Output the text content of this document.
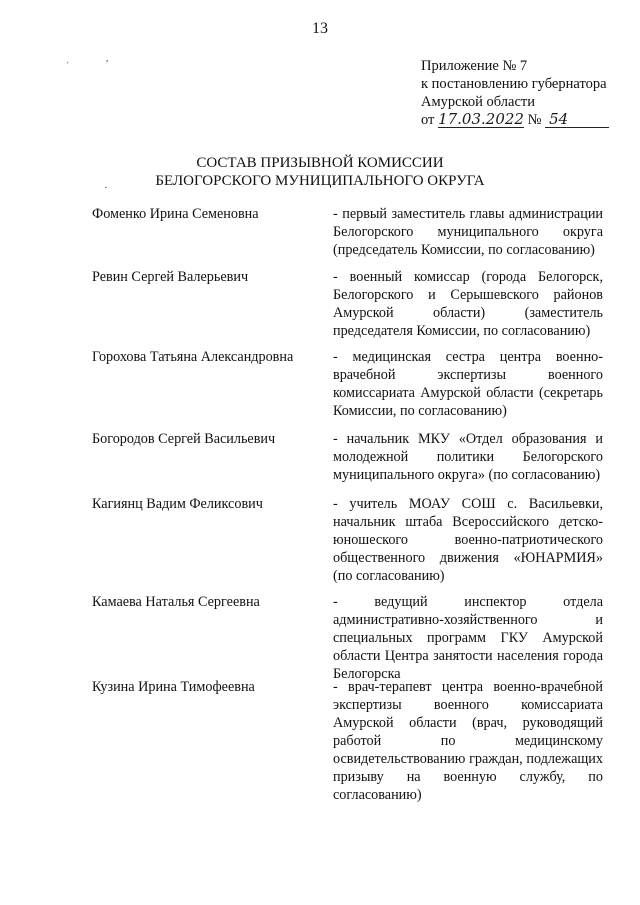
13
ˈ	ʹ
·
Приложение № 7
к постановлению губернатора
Амурской области
от 17.03.2022 № 54
СОСТАВ ПРИЗЫВНОЙ КОМИССИИ
БЕЛОГОРСКОГО МУНИЦИПАЛЬНОГО ОКРУГА
Фоменко Ирина Семеновна	- первый заместитель главы администрации Белогорского муниципального округа (председатель Комиссии, по согласованию)
Ревин Сергей Валерьевич	- военный комиссар (города Белогорск, Белогорского и Серышевского районов Амурской области) (заместитель председателя Комиссии, по согласованию)
Горохова Татьяна Александровна	- медицинская сестра центра военно-врачебной экспертизы военного комиссариата Амурской области (секретарь Комиссии, по согласованию)
Богородов Сергей Васильевич	- начальник МКУ «Отдел образования и молодежной политики Белогорского муниципального округа» (по согласованию)
Кагиянц Вадим Феликсович	- учитель МОАУ СОШ с. Васильевки, начальник штаба Всероссийского детско-юношеского военно-патриотического общественного движения «ЮНАРМИЯ» (по согласованию)
Камаева Наталья Сергеевна	- ведущий инспектор отдела административно-хозяйственного и специальных программ ГКУ Амурской области Центра занятости населения города Белогорска
Кузина Ирина Тимофеевна	- врач-терапевт центра военно-врачебной экспертизы военного комиссариата Амурской области (врач, руководящий работой по медицинскому освидетельствованию граждан, подлежащих призыву на военную службу, по согласованию)
